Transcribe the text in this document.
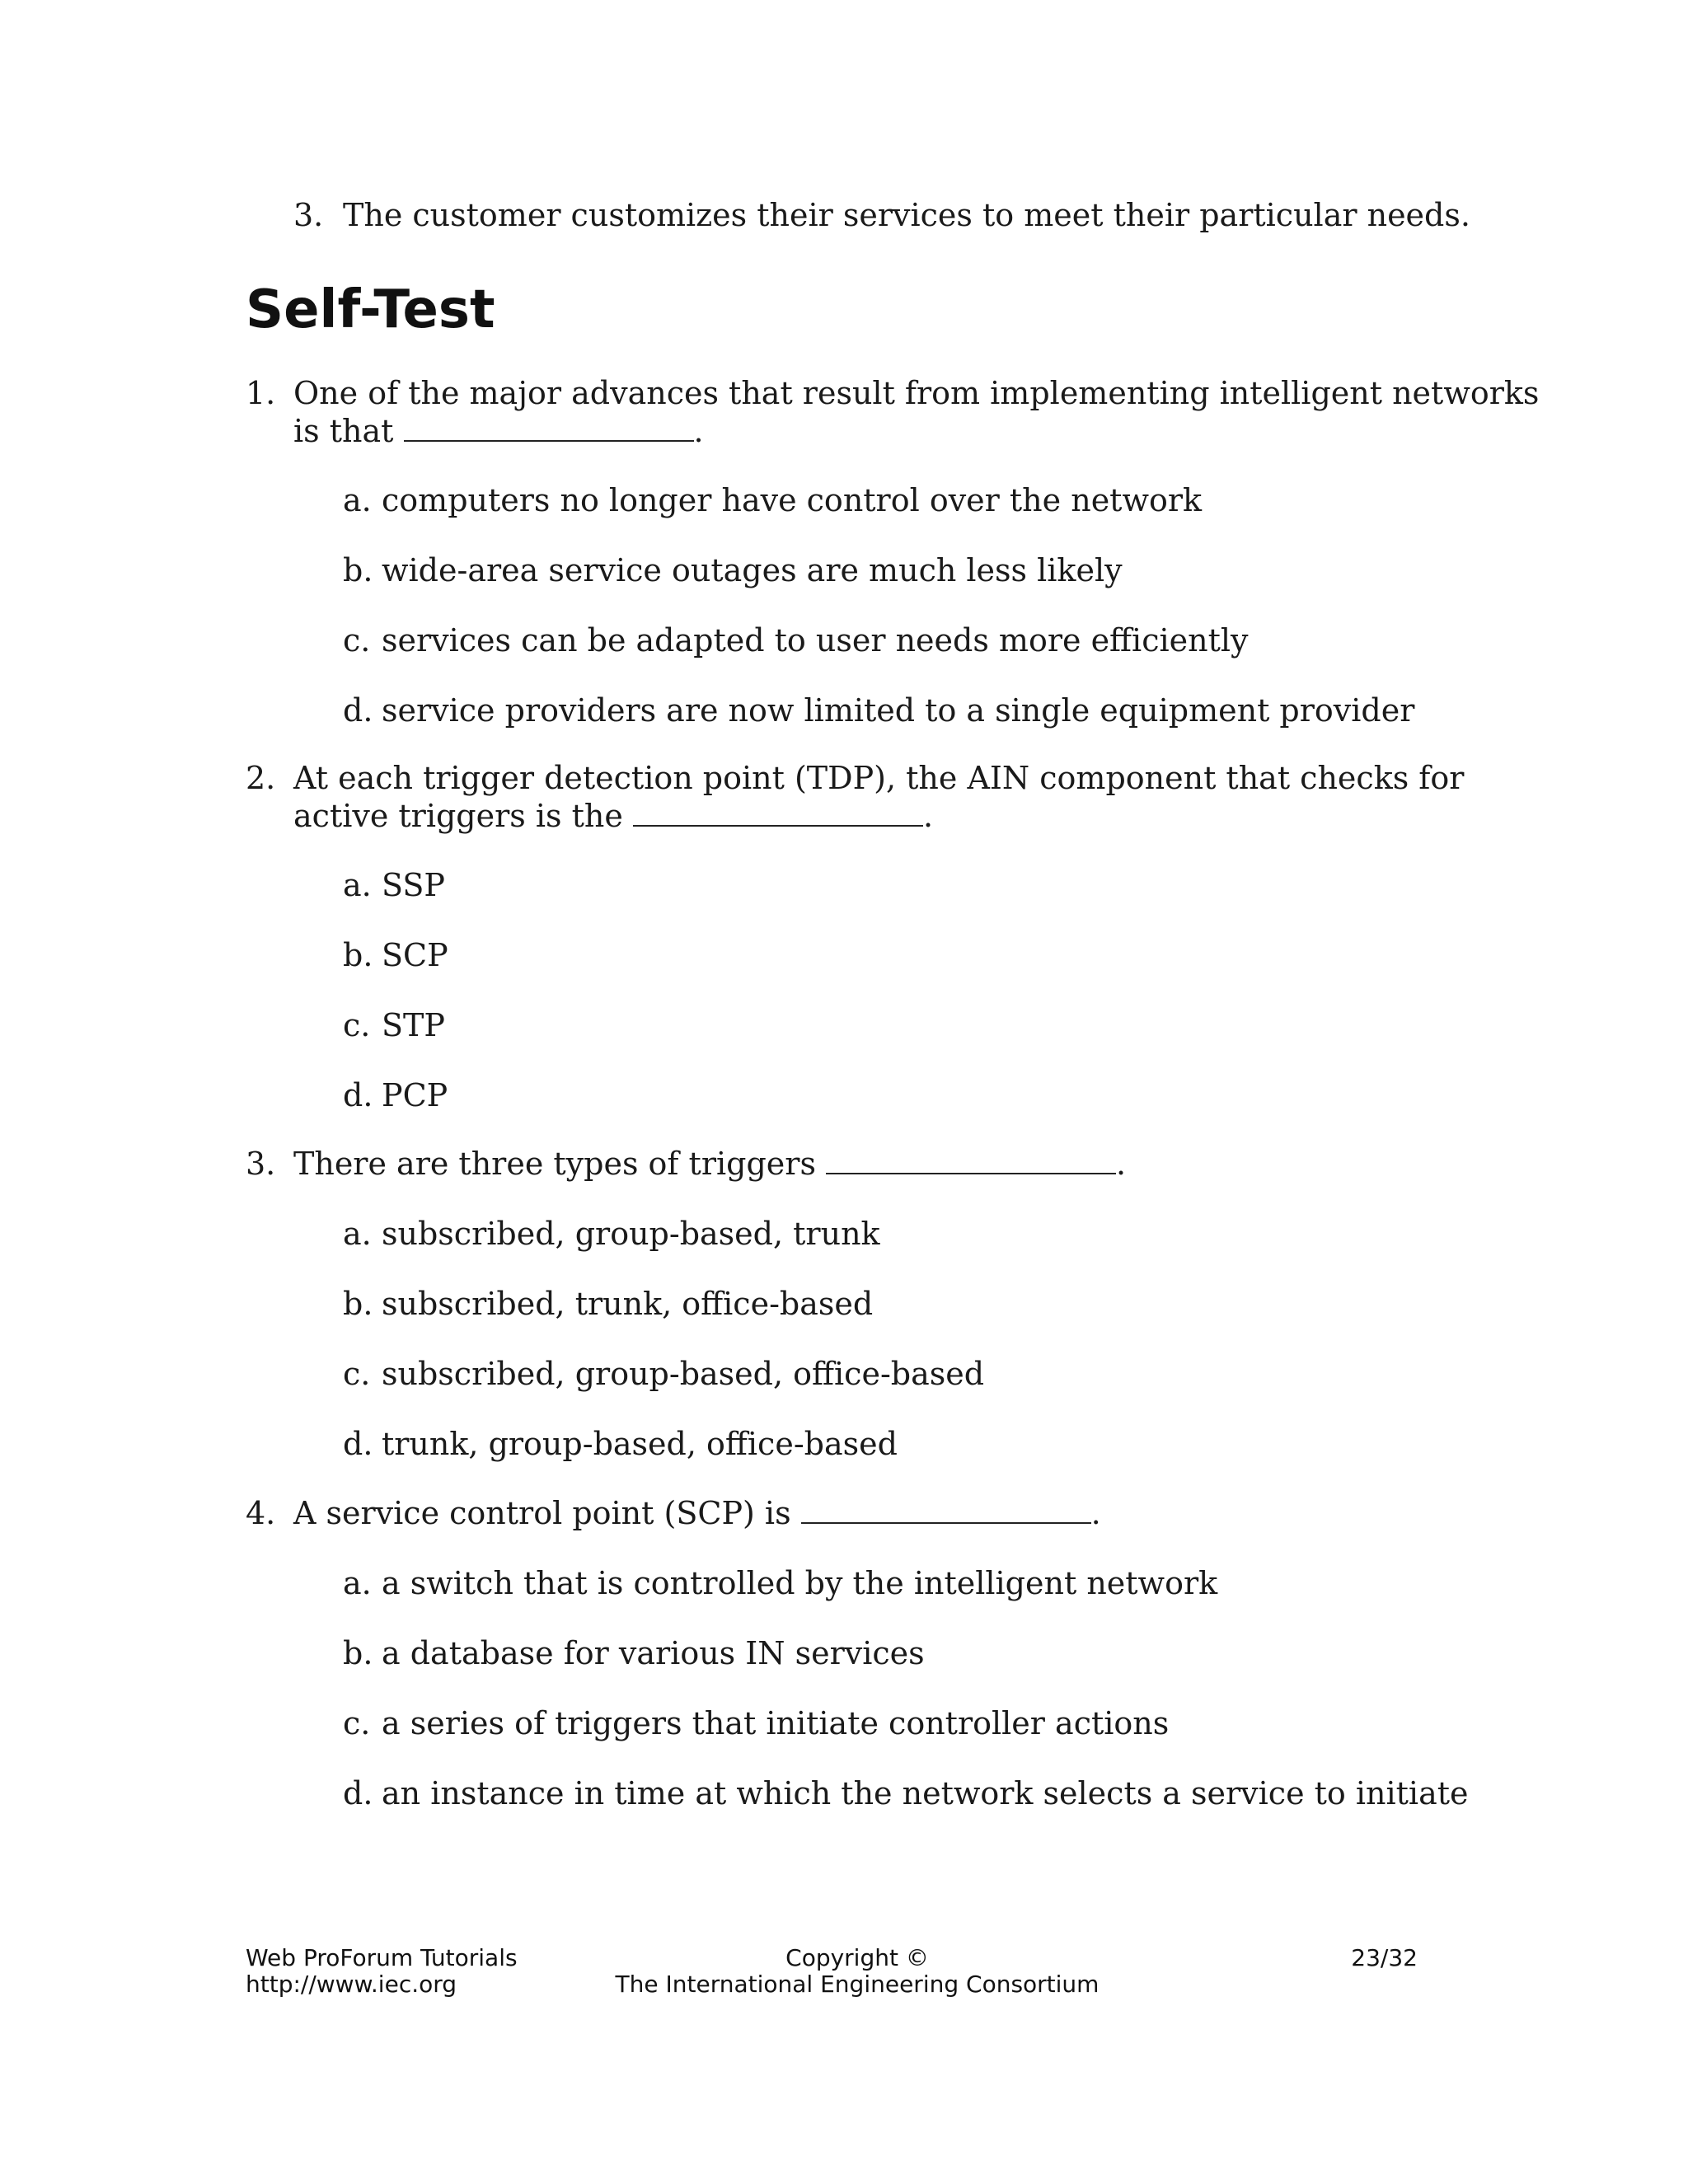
3. The customer customizes their services to meet their particular needs.
Self-Test
1. One of the major advances that result from implementing intelligent networks
is that	.
a. computers no longer have control over the network
b. wide-area service outages are much less likely
c. services can be adapted to user needs more efficiently
d. service providers are now limited to a single equipment provider
2. At each trigger detection point (TDP), the AIN component that checks for
active triggers is the	.
a. SSP
b. SCP
c. STP
d. PCP
3. There are three types of triggers	.
a. subscribed, group-based, trunk
b. subscribed, trunk, office-based
c. subscribed, group-based, office-based
d. trunk, group-based, office-based
4. A service control point (SCP) is	.
a. a switch that is controlled by the intelligent network
b. a database for various IN services
c. a series of triggers that initiate controller actions
d. an instance in time at which the network selects a service to initiate
Web ProForum Tutorials
http://www.iec.org
Copyright ©
The International Engineering Consortium
23/32
